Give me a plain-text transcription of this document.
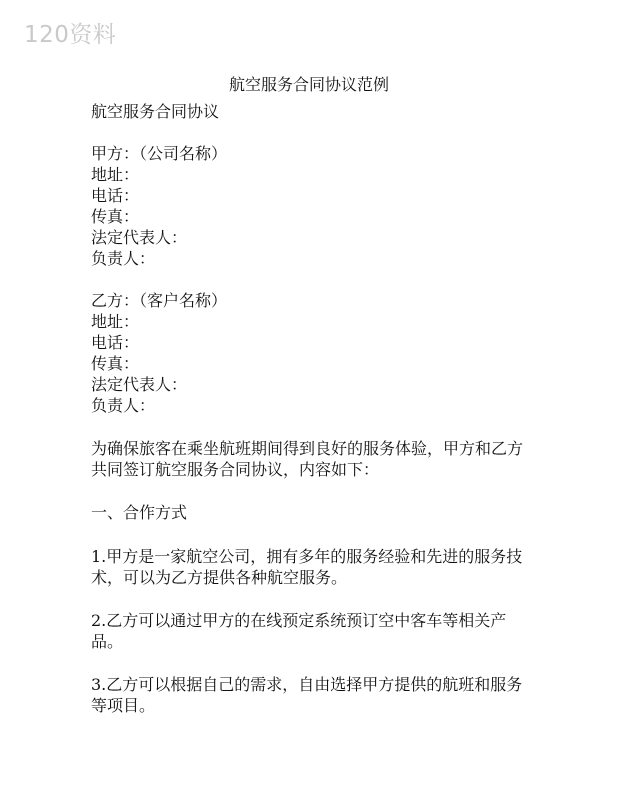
120资料
航空服务合同协议范例
航空服务合同协议
甲方：（公司名称）
地址：
电话：
传真：
法定代表人：
负责人：
乙方：（客户名称）
地址：
电话：
传真：
法定代表人：
负责人：
为确保旅客在乘坐航班期间得到良好的服务体验，甲方和乙方共同签订航空服务合同协议，内容如下：
一、合作方式
1.甲方是一家航空公司，拥有多年的服务经验和先进的服务技术，可以为乙方提供各种航空服务。
2.乙方可以通过甲方的在线预定系统预订空中客车等相关产品。
3.乙方可以根据自己的需求，自由选择甲方提供的航班和服务等项目。
